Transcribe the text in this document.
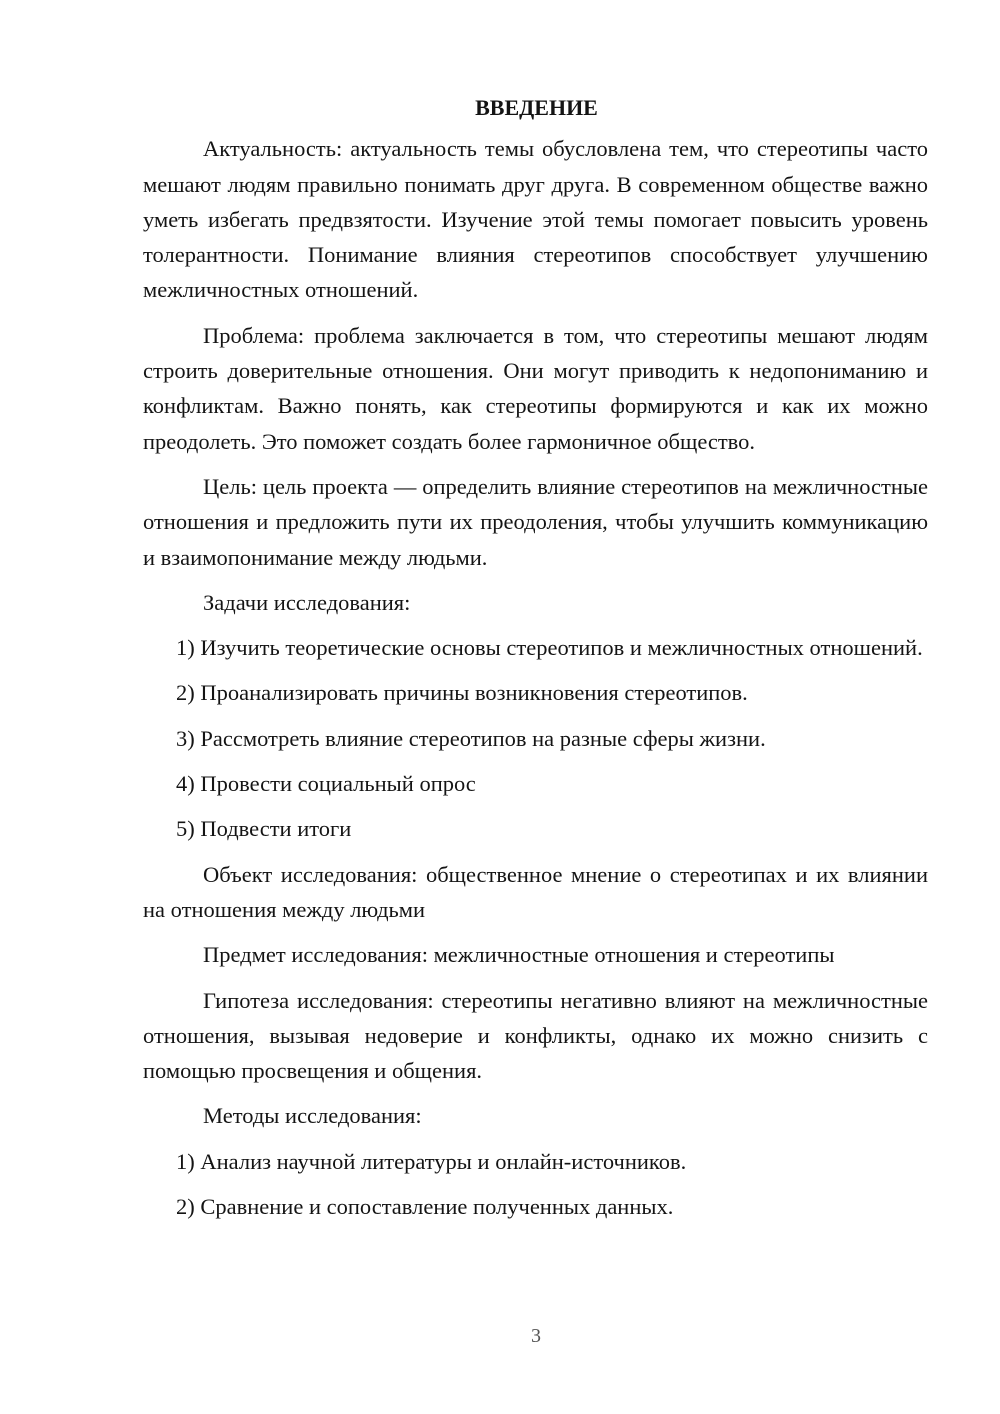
ВВЕДЕНИЕ
Актуальность: актуальность темы обусловлена тем, что стереотипы часто мешают людям правильно понимать друг друга. В современном обществе важно уметь избегать предвзятости. Изучение этой темы помогает повысить уровень толерантности. Понимание влияния стереотипов способствует улучшению межличностных отношений.
Проблема: проблема заключается в том, что стереотипы мешают людям строить доверительные отношения. Они могут приводить к недопониманию и конфликтам. Важно понять, как стереотипы формируются и как их можно преодолеть. Это поможет создать более гармоничное общество.
Цель: цель проекта — определить влияние стереотипов на межличностные отношения и предложить пути их преодоления, чтобы улучшить коммуникацию и взаимопонимание между людьми.
Задачи исследования:
1) Изучить теоретические основы стереотипов и межличностных отношений.
2) Проанализировать причины возникновения стереотипов.
3) Рассмотреть влияние стереотипов на разные сферы жизни.
4) Провести социальный опрос
5) Подвести итоги
Объект исследования: общественное мнение о стереотипах и их влиянии на отношения между людьми
Предмет исследования: межличностные отношения и стереотипы
Гипотеза исследования: стереотипы негативно влияют на межличностные отношения, вызывая недоверие и конфликты, однако их можно снизить с помощью просвещения и общения.
Методы исследования:
1) Анализ научной литературы и онлайн-источников.
2) Сравнение и сопоставление полученных данных.
3
